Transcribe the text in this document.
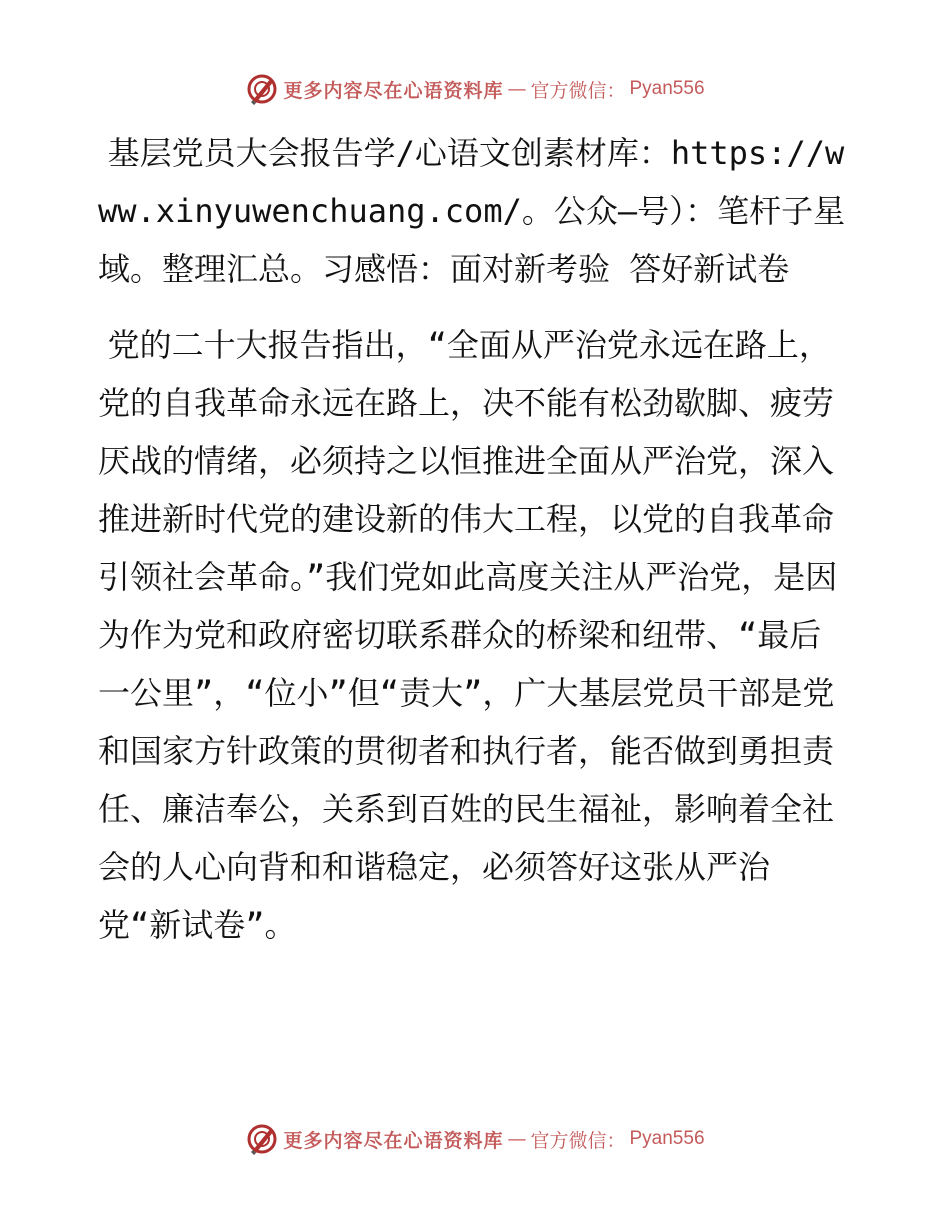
更多内容尽在心语资料库 — 官方微信： Pyan556

基层党员大会报告学/心语文创素材库：https://www.xinyuwenchuang.com/。公众—号）：笔杆子星域。整理汇总。习感悟：面对新考验 答好新试卷

党的二十大报告指出，“全面从严治党永远在路上，党的自我革命永远在路上，决不能有松劲歇脚、疲劳厌战的情绪，必须持之以恒推进全面从严治党，深入推进新时代党的建设新的伟大工程，以党的自我革命引领社会革命。”我们党如此高度关注从严治党，是因为作为党和政府密切联系群众的桥梁和纽带、“最后一公里”，“位小”但“责大”，广大基层党员干部是党和国家方针政策的贯彻者和执行者，能否做到勇担责任、廉洁奉公，关系到百姓的民生福祉，影响着全社会的人心向背和和谐稳定，必须答好这张从严治党“新试卷”。

更多内容尽在心语资料库 — 官方微信： Pyan556
